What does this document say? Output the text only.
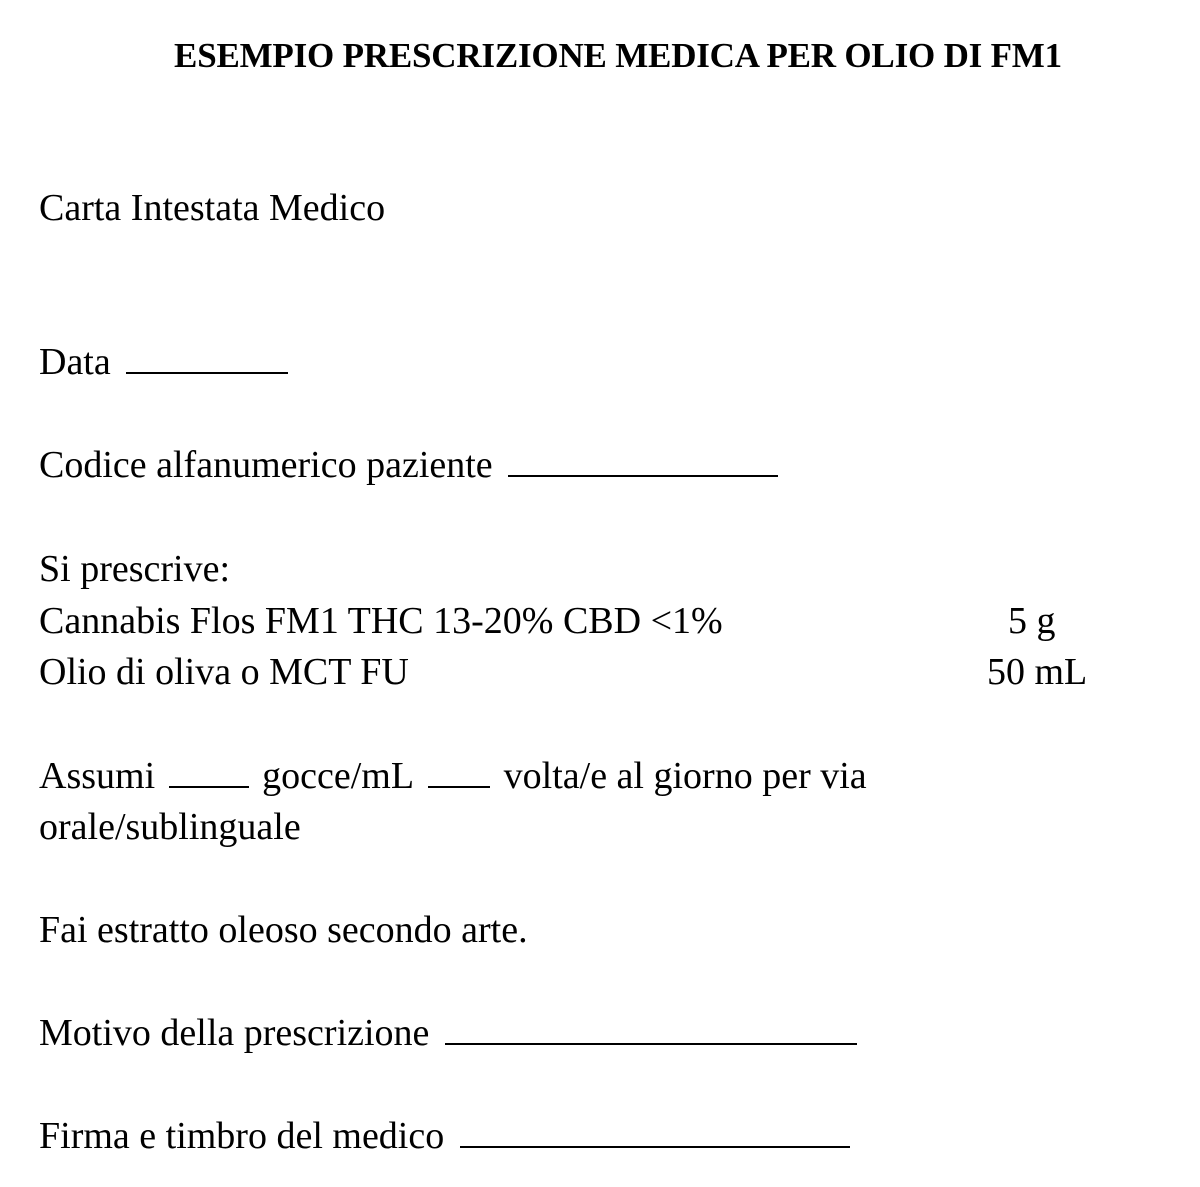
ESEMPIO PRESCRIZIONE MEDICA PER OLIO DI FM1
Carta Intestata Medico
Data
Codice alfanumerico paziente
Si prescrive:
Cannabis Flos FM1 THC 13-20% CBD <1%	5 g
Olio di oliva o MCT FU	50 mL
Assumi	gocce/mL volta/e al giorno per via
orale/sublinguale
Fai estratto oleoso secondo arte.
Motivo della prescrizione
Firma e timbro del medico
